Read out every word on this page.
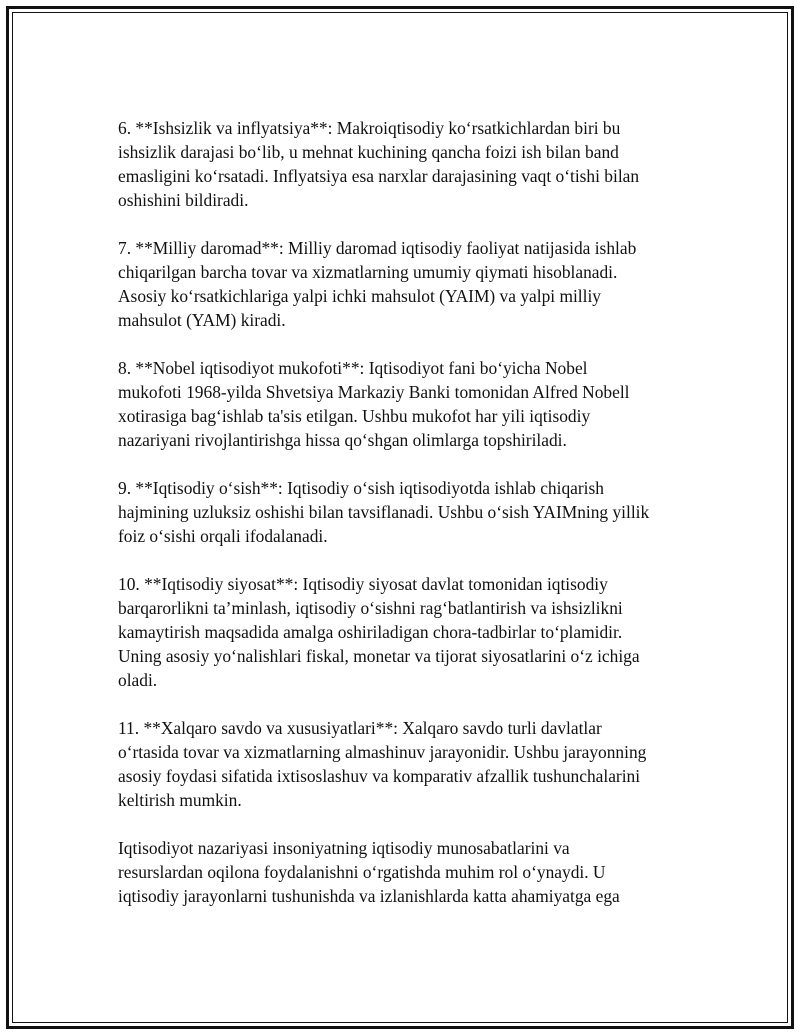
6. **Ishsizlik va inflyatsiya**: Makroiqtisodiy ko‘rsatkichlardan biri bu
ishsizlik darajasi bo‘lib, u mehnat kuchining qancha foizi ish bilan band
emasligini ko‘rsatadi. Inflyatsiya esa narxlar darajasining vaqt o‘tishi bilan
oshishini bildiradi.
7. **Milliy daromad**: Milliy daromad iqtisodiy faoliyat natijasida ishlab
chiqarilgan barcha tovar va xizmatlarning umumiy qiymati hisoblanadi.
Asosiy ko‘rsatkichlariga yalpi ichki mahsulot (YAIM) va yalpi milliy
mahsulot (YAM) kiradi.
8. **Nobel iqtisodiyot mukofoti**: Iqtisodiyot fani bo‘yicha Nobel
mukofoti 1968-yilda Shvetsiya Markaziy Banki tomonidan Alfred Nobell
xotirasiga bag‘ishlab ta'sis etilgan. Ushbu mukofot har yili iqtisodiy
nazariyani rivojlantirishga hissa qo‘shgan olimlarga topshiriladi.
9. **Iqtisodiy o‘sish**: Iqtisodiy o‘sish iqtisodiyotda ishlab chiqarish
hajmining uzluksiz oshishi bilan tavsiflanadi. Ushbu o‘sish YAIMning yillik
foiz o‘sishi orqali ifodalanadi.
10. **Iqtisodiy siyosat**: Iqtisodiy siyosat davlat tomonidan iqtisodiy
barqarorlikni ta’minlash, iqtisodiy o‘sishni rag‘batlantirish va ishsizlikni
kamaytirish maqsadida amalga oshiriladigan chora-tadbirlar to‘plamidir.
Uning asosiy yo‘nalishlari fiskal, monetar va tijorat siyosatlarini o‘z ichiga
oladi.
11. **Xalqaro savdo va xususiyatlari**: Xalqaro savdo turli davlatlar
o‘rtasida tovar va xizmatlarning almashinuv jarayonidir. Ushbu jarayonning
asosiy foydasi sifatida ixtisoslashuv va komparativ afzallik tushunchalarini
keltirish mumkin.
Iqtisodiyot nazariyasi insoniyatning iqtisodiy munosabatlarini va
resurslardan oqilona foydalanishni o‘rgatishda muhim rol o‘ynaydi. U
iqtisodiy jarayonlarni tushunishda va izlanishlarda katta ahamiyatga ega
